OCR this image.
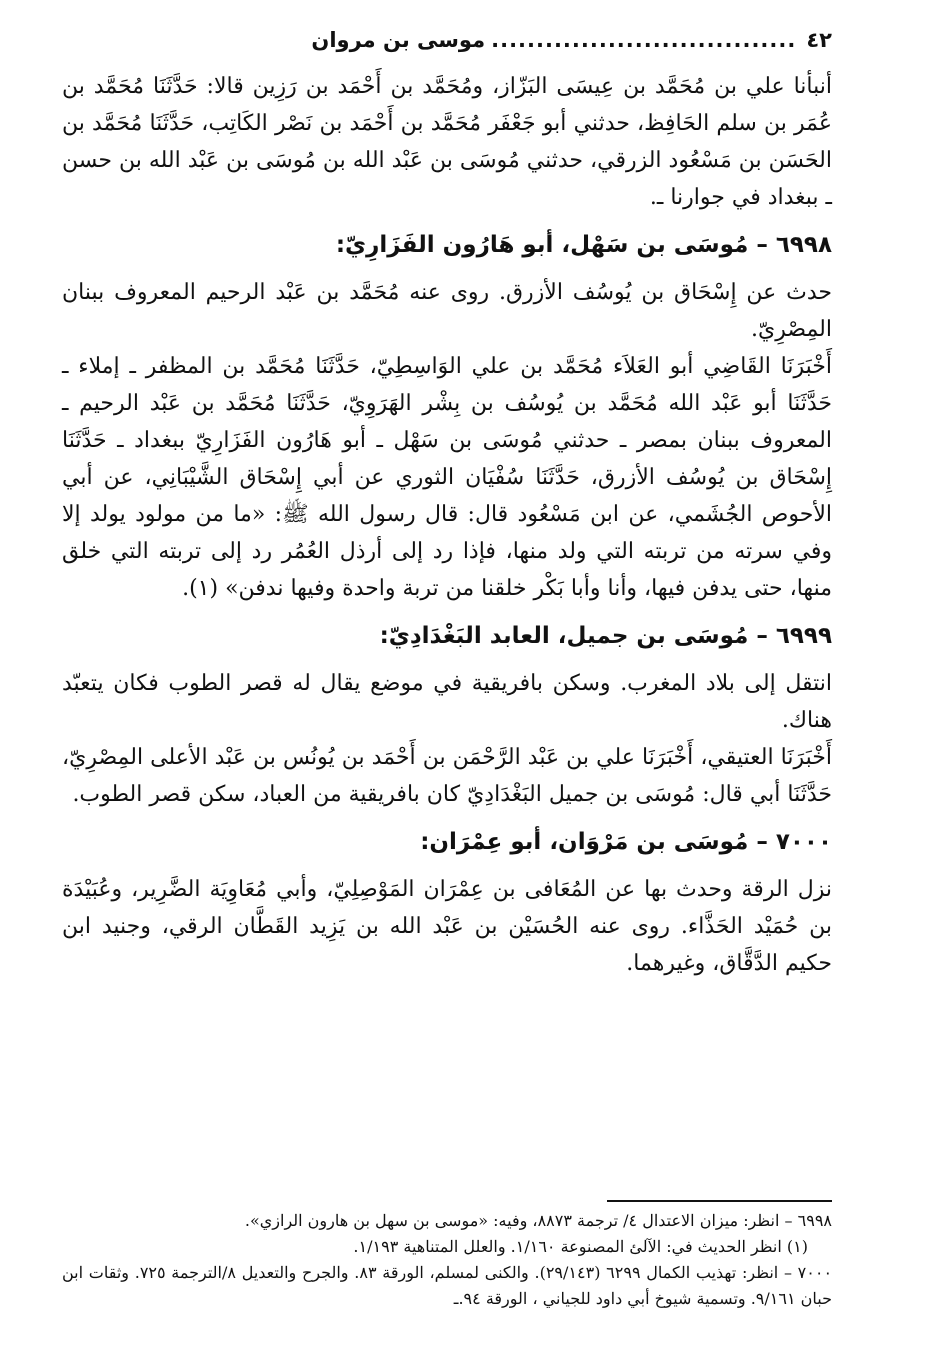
٤٢
..................................
موسى بن مروان

أنبأنا علي بن مُحَمَّد بن عِيسَى البَزّاز، ومُحَمَّد بن أَحْمَد بن رَزِين قالا: حَدَّثَنَا مُحَمَّد بن عُمَر بن سلم الحَافِظ، حدثني أبو جَعْفَر مُحَمَّد بن أَحْمَد بن نَصْر الكَاتِب، حَدَّثَنَا مُحَمَّد بن الحَسَن بن مَسْعُود الزرقي، حدثني مُوسَى بن عَبْد الله بن مُوسَى بن عَبْد الله بن حسن ـ ببغداد في جوارنا ـ.

٦٩٩٨ – مُوسَى بن سَهْل، أبو هَارُون الفَزَارِيّ:

حدث عن إِسْحَاق بن يُوسُف الأزرق. روى عنه مُحَمَّد بن عَبْد الرحيم المعروف ببنان المِصْرِيّ.

أَخْبَرَنَا القَاضِي أبو العَلاَء مُحَمَّد بن علي الوَاسِطِيّ، حَدَّثَنَا مُحَمَّد بن المظفر ـ إملاء ـ حَدَّثَنَا أبو عَبْد الله مُحَمَّد بن يُوسُف بن بِشْر الهَرَوِيّ، حَدَّثَنَا مُحَمَّد بن عَبْد الرحيم ـ المعروف ببنان بمصر ـ حدثني مُوسَى بن سَهْل ـ أبو هَارُون الفَزَارِيّ ببغداد ـ حَدَّثَنَا إِسْحَاق بن يُوسُف الأزرق، حَدَّثَنَا سُفْيَان الثوري عن أبي إِسْحَاق الشَّيْبَانِي، عن أبي الأحوص الجُشَمي، عن ابن مَسْعُود قال: قال رسول الله ﷺ: «ما من مولود يولد إلا وفي سرته من تربته التي ولد منها، فإذا رد إلى أرذل العُمُر رد إلى تربته التي خلق منها، حتى يدفن فيها، وأنا وأبا بَكْر خلقنا من تربة واحدة وفيها ندفن» (١).

٦٩٩٩ – مُوسَى بن جميل، العابد البَغْدَادِيّ:

انتقل إلى بلاد المغرب. وسكن بافريقية في موضع يقال له قصر الطوب فكان يتعبّد هناك.

أَخْبَرَنَا العتيقي، أَخْبَرَنَا علي بن عَبْد الرَّحْمَن بن أَحْمَد بن يُونُس بن عَبْد الأعلى المِصْرِيّ، حَدَّثَنَا أبي قال: مُوسَى بن جميل البَغْدَادِيّ كان بافريقية من العباد، سكن قصر الطوب.

٧٠٠٠ – مُوسَى بن مَرْوَان، أبو عِمْرَان:

نزل الرقة وحدث بها عن المُعَافى بن عِمْرَان المَوْصِلِيّ، وأبي مُعَاوِيَة الضَّرِير، وعُبَيْدَة بن حُمَيْد الحَذَّاء. روى عنه الحُسَيْن بن عَبْد الله بن يَزِيد القَطَّان الرقي، وجنيد ابن حكيم الدَّقَّاق، وغيرهما.

٦٩٩٨ – انظر: ميزان الاعتدال ٤/ ترجمة ٨٨٧٣، وفيه: «موسى بن سهل بن هارون الرازي».

(١) انظر الحديث في: الآلئ المصنوعة ١/١٦٠. والعلل المتناهية ١/١٩٣.

٧٠٠٠ – انظر: تهذيب الكمال ٦٢٩٩ (٢٩/١٤٣). والكنى لمسلم، الورقة ٨٣. والجرح والتعديل ٨/الترجمة ٧٢٥. وثقات ابن حبان ٩/١٦١. وتسمية شيوخ أبي داود للجياني ، الورقة ٩٤.ـ
